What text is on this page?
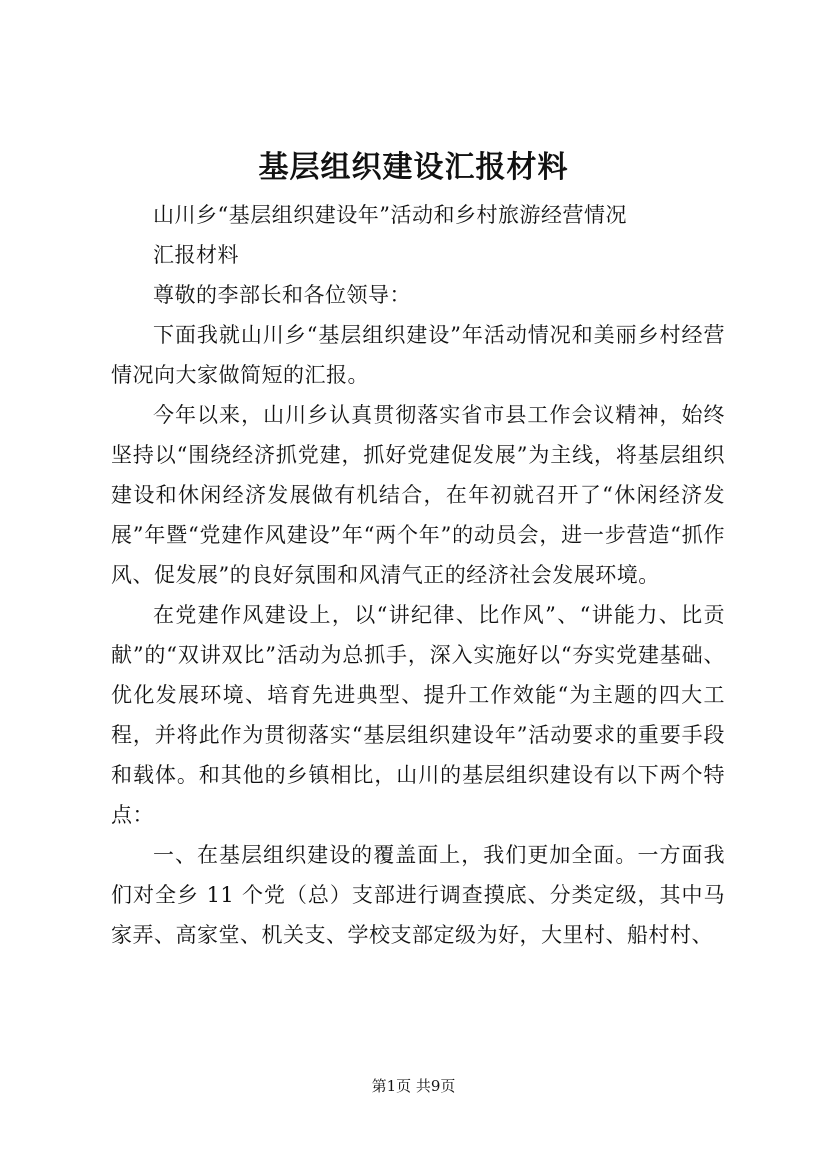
基层组织建设汇报材料

山川乡“基层组织建设年”活动和乡村旅游经营情况

汇报材料

尊敬的李部长和各位领导：

下面我就山川乡“基层组织建设”年活动情况和美丽乡村经营情况向大家做简短的汇报。

今年以来，山川乡认真贯彻落实省市县工作会议精神，始终坚持以“围绕经济抓党建，抓好党建促发展”为主线，将基层组织建设和休闲经济发展做有机结合，在年初就召开了“休闲经济发展”年暨“党建作风建设”年“两个年”的动员会，进一步营造“抓作风、促发展”的良好氛围和风清气正的经济社会发展环境。

在党建作风建设上，以“讲纪律、比作风”、“讲能力、比贡献”的“双讲双比”活动为总抓手，深入实施好以“夯实党建基础、优化发展环境、培育先进典型、提升工作效能“为主题的四大工程，并将此作为贯彻落实“基层组织建设年”活动要求的重要手段和载体。和其他的乡镇相比，山川的基层组织建设有以下两个特点：

一、在基层组织建设的覆盖面上，我们更加全面。一方面我们对全乡 11 个党（总）支部进行调查摸底、分类定级，其中马家弄、高家堂、机关支、学校支部定级为好，大里村、船村村、

第1页 共9页
